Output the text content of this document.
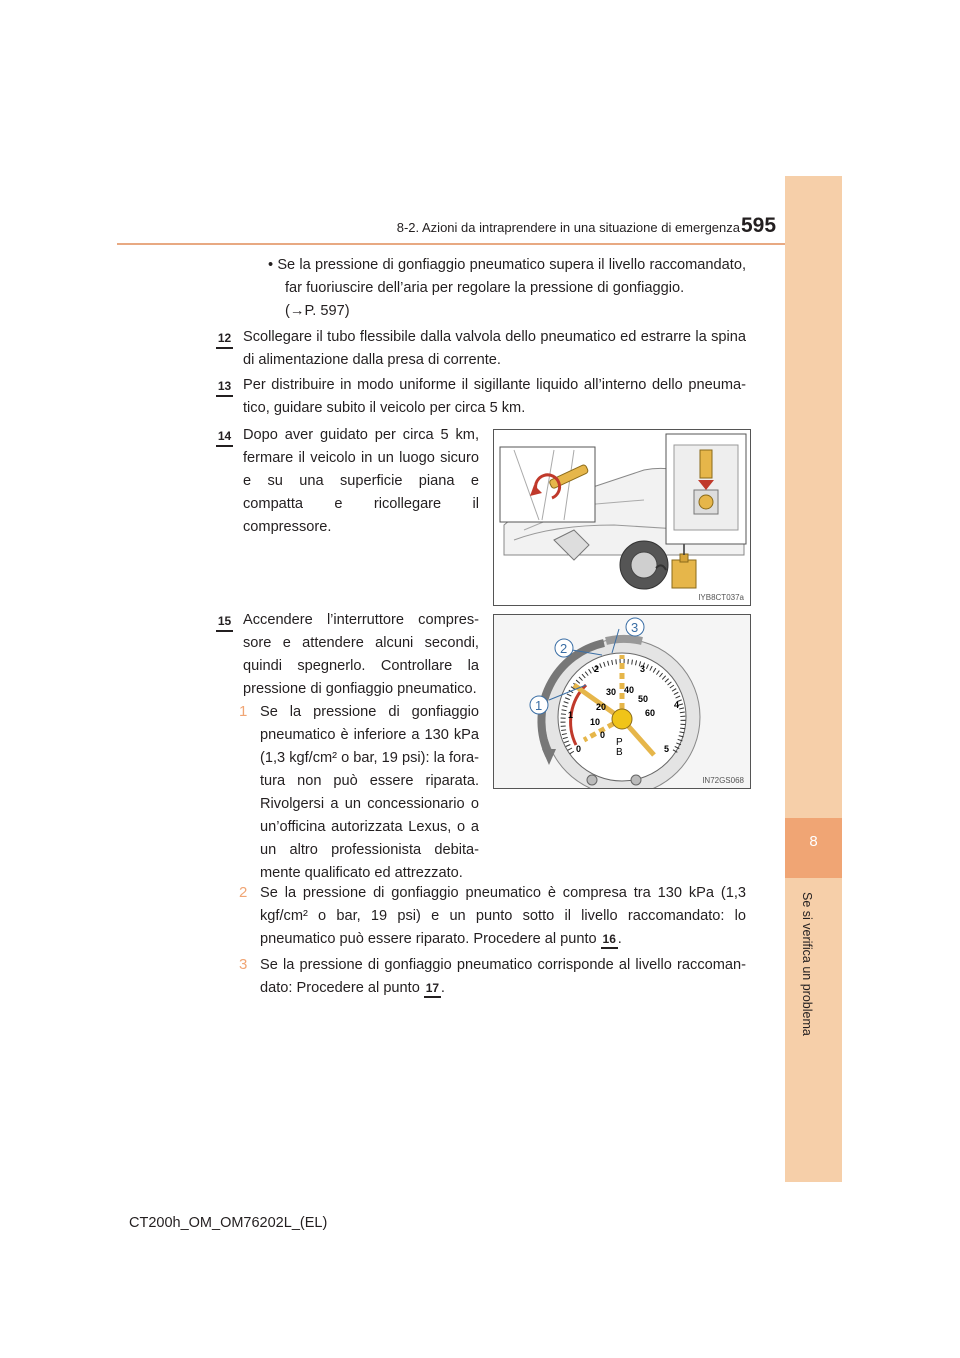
8-2. Azioni da intraprendere in una situazione di emergenza 595
8
Se si verifica un problema
• Se la pressione di gonfiaggio pneumatico supera il livello raccomandato, far fuoriuscire dell’aria per regolare la pressione di gonfiaggio.
(→P. 597)
12 Scollegare il tubo flessibile dalla valvola dello pneumatico ed estrarre la spina di alimentazione dalla presa di corrente.
13 Per distribuire in modo uniforme il sigillante liquido all’interno dello pneumatico, guidare subito il veicolo per circa 5 km.
14 Dopo aver guidato per circa 5 km, fermare il veicolo in un luogo sicuro e su una superficie piana e compatta e ricollegare il compressore.
IYB8CT037a
15 Accendere l’interruttore compressore e attendere alcuni secondi, quindi spegnerlo. Controllare la pressione di gonfiaggio pneumatico.
0
1
2	3
4
5
0
10
20
30 40
50
60
P
B
1
2
3
IN72GS068
1 Se la pressione di gonfiaggio pneumatico è inferiore a 130 kPa (1,3 kgf/cm² o bar, 19 psi): la foratura non può essere riparata. Rivolgersi a un concessionario o un’officina autorizzata Lexus, o a un altro professionista debitamente qualificato ed attrezzato.
2 Se la pressione di gonfiaggio pneumatico è compresa tra 130 kPa (1,3 kgf/cm² o bar, 19 psi) e un punto sotto il livello raccomandato: lo pneumatico può essere riparato. Procedere al punto 16 .
3 Se la pressione di gonfiaggio pneumatico corrisponde al livello raccomandato: Procedere al punto 17 .
CT200h_OM_OM76202L_(EL)
